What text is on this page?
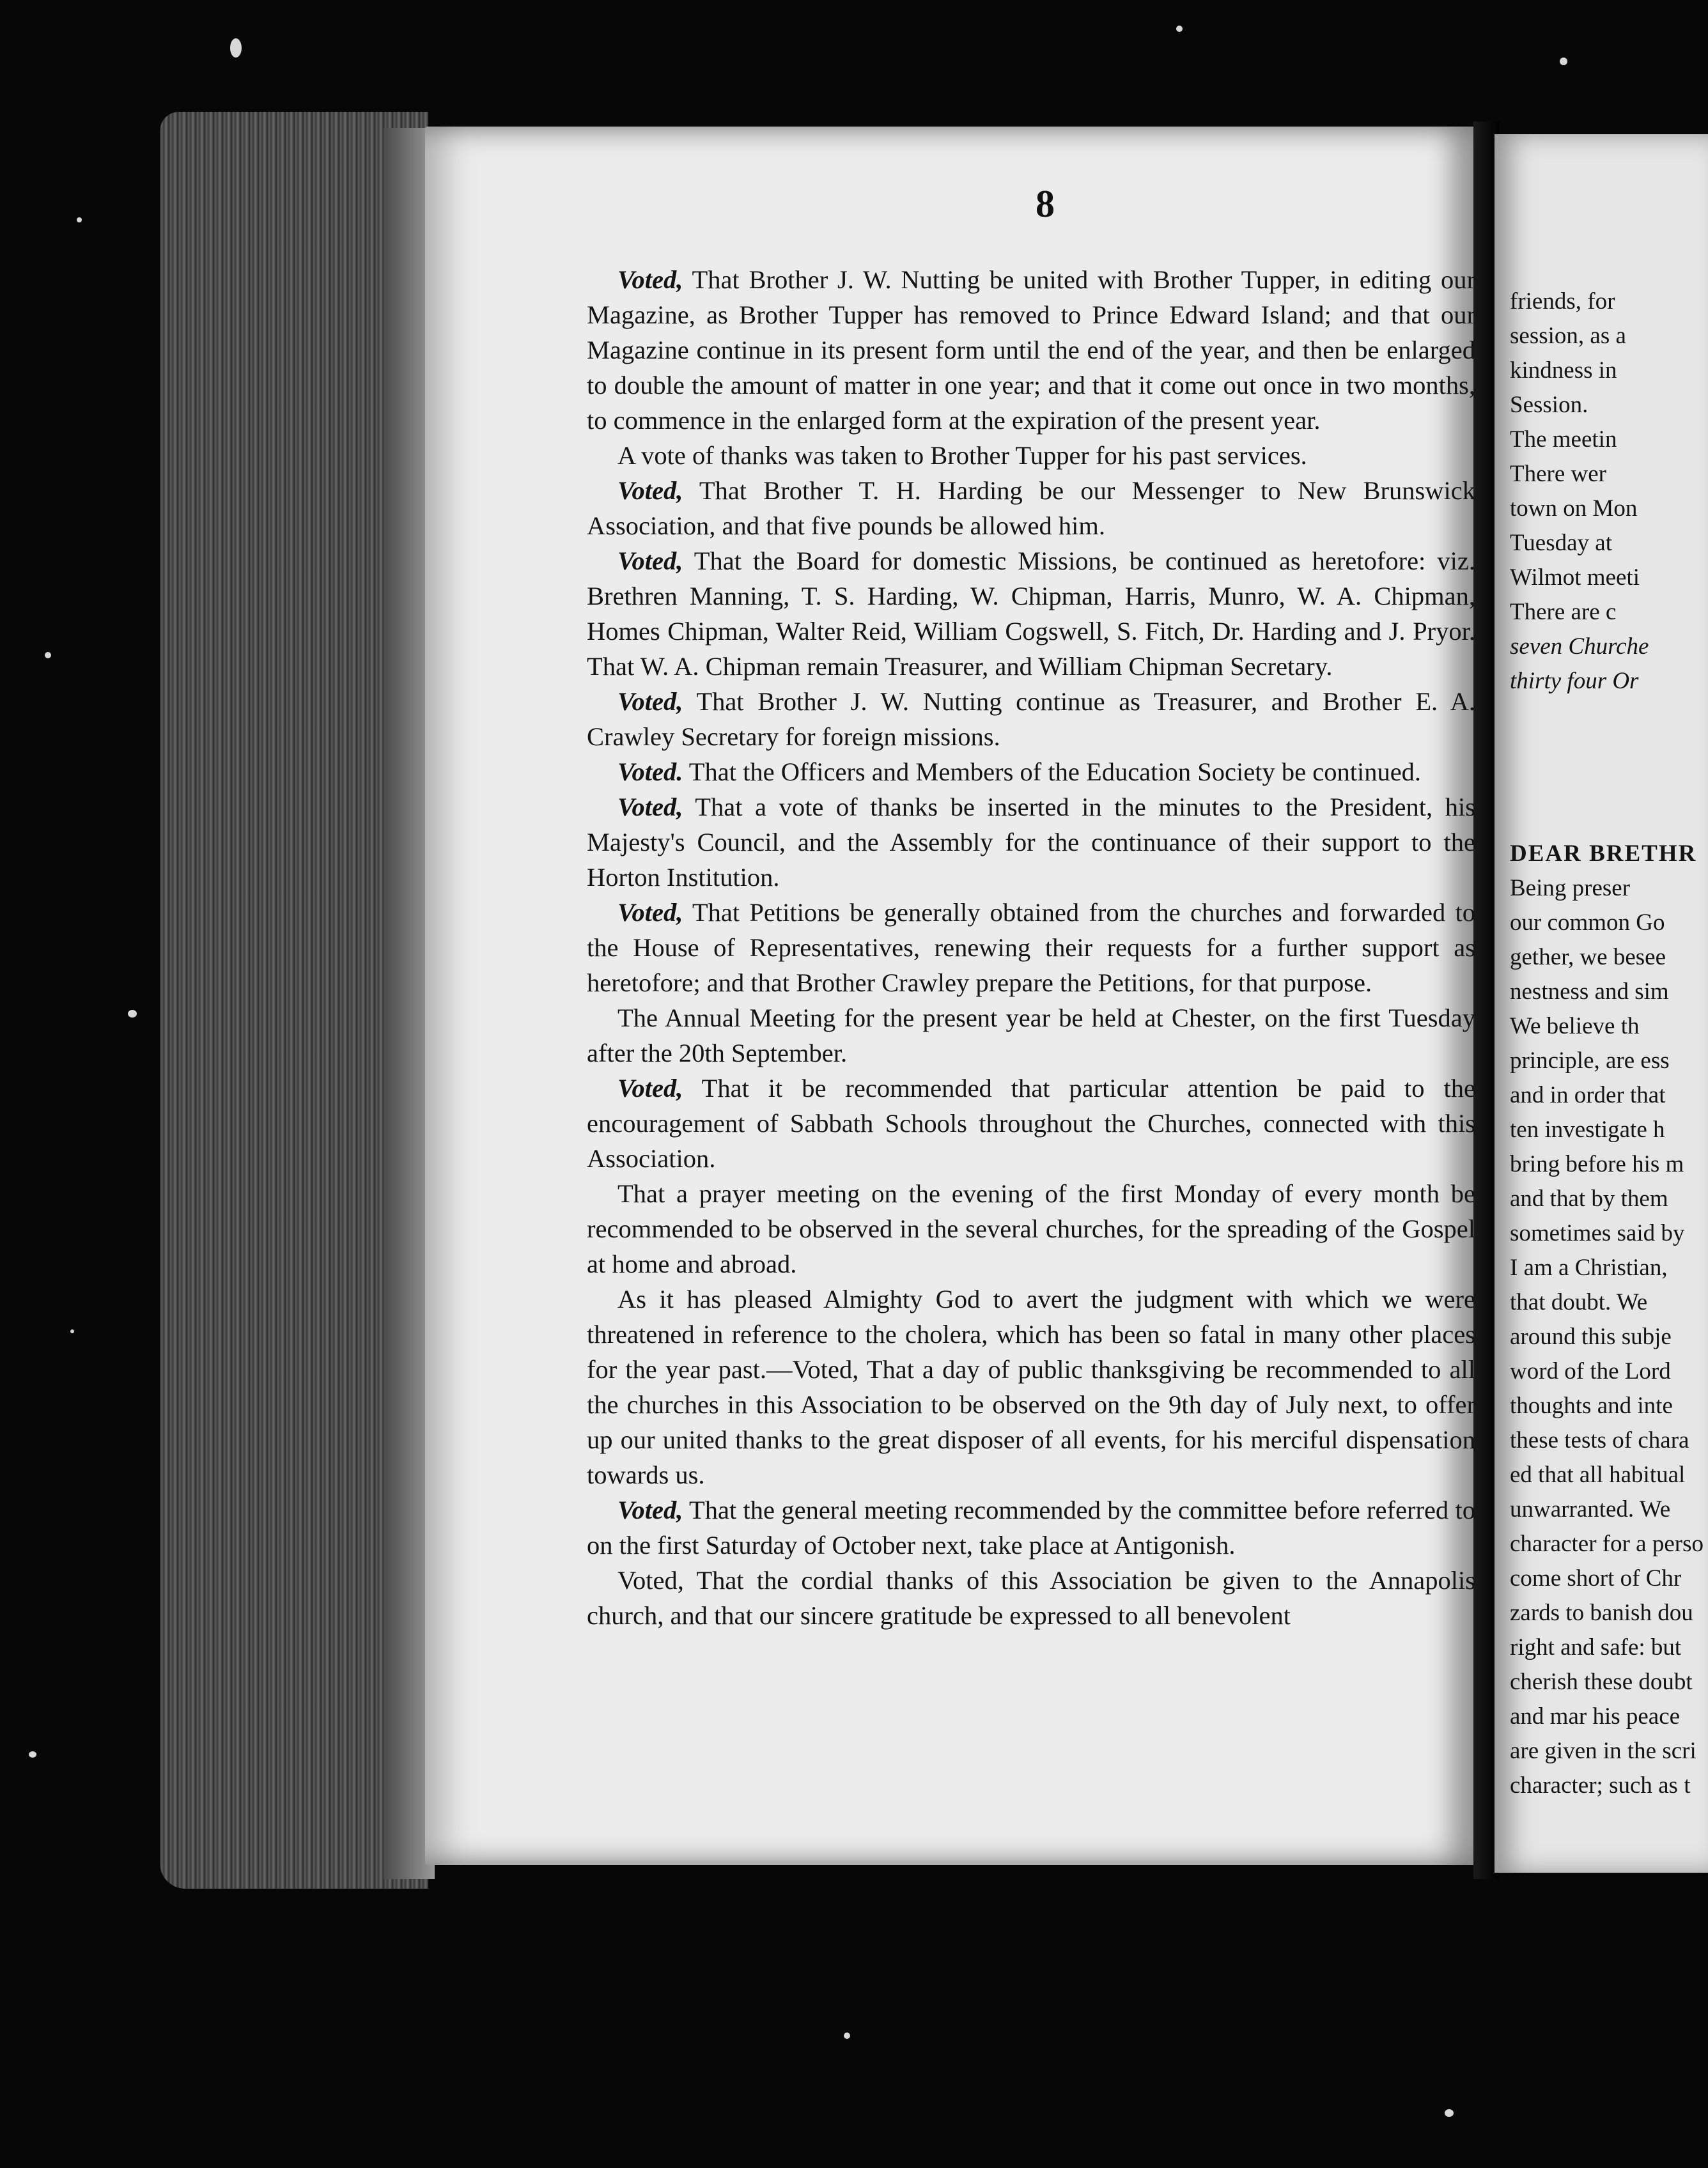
8

Voted, That Brother J. W. Nutting be united with Brother Tupper, in editing our Magazine, as Brother Tupper has removed to Prince Edward Island; and that our Magazine continue in its present form until the end of the year, and then be enlarged to double the amount of matter in one year; and that it come out once in two months, to commence in the enlarged form at the expiration of the present year.

A vote of thanks was taken to Brother Tupper for his past services.

Voted, That Brother T. H. Harding be our Messenger to New Brunswick Association, and that five pounds be allowed him.

Voted, That the Board for domestic Missions, be continued as heretofore: viz. Brethren Manning, T. S. Harding, W. Chipman, Harris, Munro, W. A. Chipman, Homes Chipman, Walter Reid, William Cogswell, S. Fitch, Dr. Harding and J. Pryor. That W. A. Chipman remain Treasurer, and William Chipman Secretary.

Voted, That Brother J. W. Nutting continue as Treasurer, and Brother E. A. Crawley Secretary for foreign missions.

Voted. That the Officers and Members of the Education Society be continued.

Voted, That a vote of thanks be inserted in the minutes to the President, his Majesty's Council, and the Assembly for the continuance of their support to the Horton Institution.

Voted, That Petitions be generally obtained from the churches and forwarded to the House of Representatives, renewing their requests for a further support as heretofore; and that Brother Crawley prepare the Petitions, for that purpose.

The Annual Meeting for the present year be held at Chester, on the first Tuesday after the 20th September.

Voted, That it be recommended that particular attention be paid to the encouragement of Sabbath Schools throughout the Churches, connected with this Association.

That a prayer meeting on the evening of the first Monday of every month be recommended to be observed in the several churches, for the spreading of the Gospel at home and abroad.

As it has pleased Almighty God to avert the judgment with which we were threatened in reference to the cholera, which has been so fatal in many other places for the year past.—Voted, That a day of public thanksgiving be recommended to all the churches in this Association to be observed on the 9th day of July next, to offer up our united thanks to the great disposer of all events, for his merciful dispensation towards us.

Voted, That the general meeting recommended by the committee before referred to on the first Saturday of October next, take place at Antigonish.

Voted, That the cordial thanks of this Association be given to the Annapolis church, and that our sincere gratitude be expressed to all benevolent

friends, for
session, as a
kindness in
Session.
The meetin
There wer
town on Mon
Tuesday at
Wilmot meeti
There are c
seven Churche
thirty four Or
DEAR BRETHR
Being preser
our common Go
gether, we besee
nestness and sim
We believe th
principle, are ess
and in order that
ten investigate h
bring before his m
and that by them
sometimes said by
I am a Christian,
that doubt. We
around this subje
word of the Lord
thoughts and inte
these tests of chara
ed that all habitual
unwarranted. We
character for a perso
come short of Chr
zards to banish dou
right and safe: but
cherish these doubt
and mar his peace
are given in the scri
character; such as t
